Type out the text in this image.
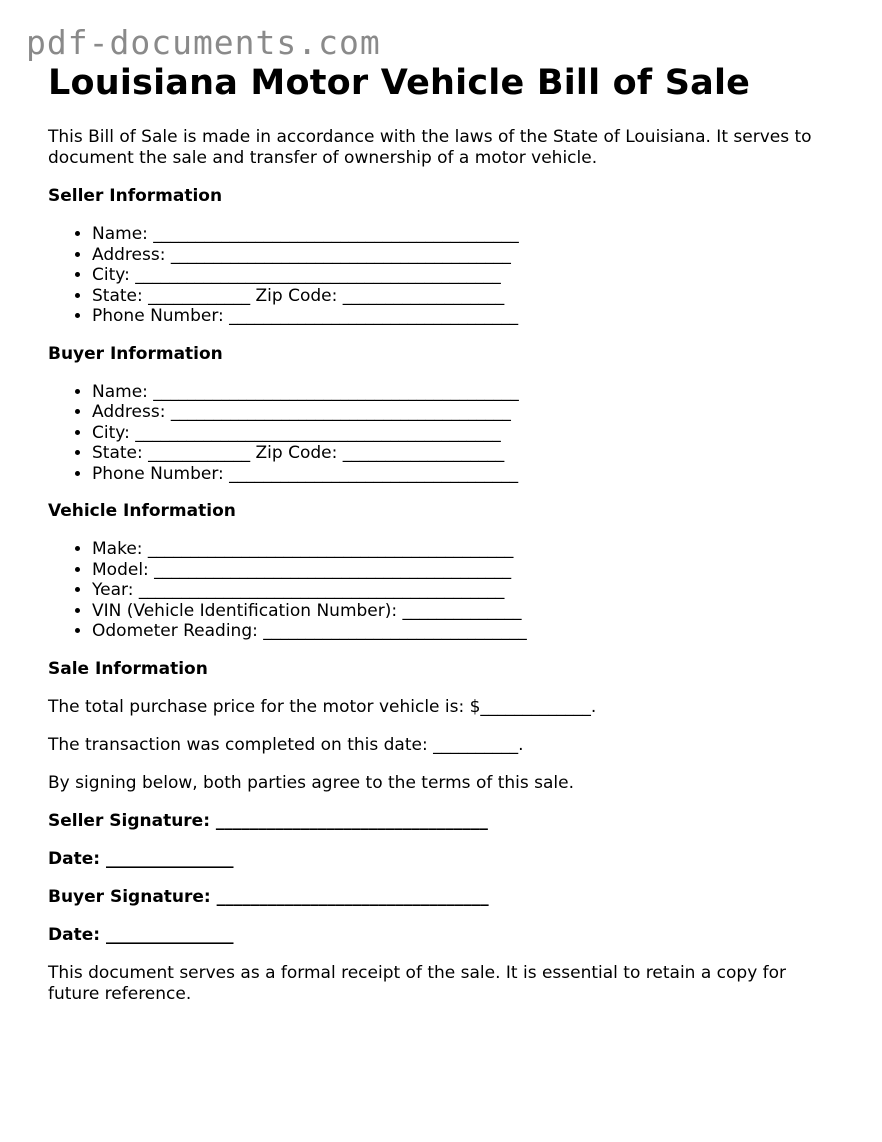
pdf-documents.com
Louisiana Motor Vehicle Bill of Sale

This Bill of Sale is made in accordance with the laws of the State of Louisiana. It serves to document the sale and transfer of ownership of a motor vehicle.

Seller Information
• Name: ___________________________________________
• Address: ________________________________________
• City: ___________________________________________
• State: ____________ Zip Code: ___________________
• Phone Number: __________________________________
Buyer Information
• Name: ___________________________________________
• Address: ________________________________________
• City: ___________________________________________
• State: ____________ Zip Code: ___________________
• Phone Number: __________________________________
Vehicle Information
• Make: ___________________________________________
• Model: __________________________________________
• Year: ___________________________________________
• VIN (Vehicle Identification Number): ______________
• Odometer Reading: _______________________________
Sale Information

The total purchase price for the motor vehicle is: $_____________.

The transaction was completed on this date: __________.

By signing below, both parties agree to the terms of this sale.

Seller Signature: ________________________________

Date: _______________

Buyer Signature: ________________________________

Date: _______________

This document serves as a formal receipt of the sale. It is essential to retain a copy for future reference.
